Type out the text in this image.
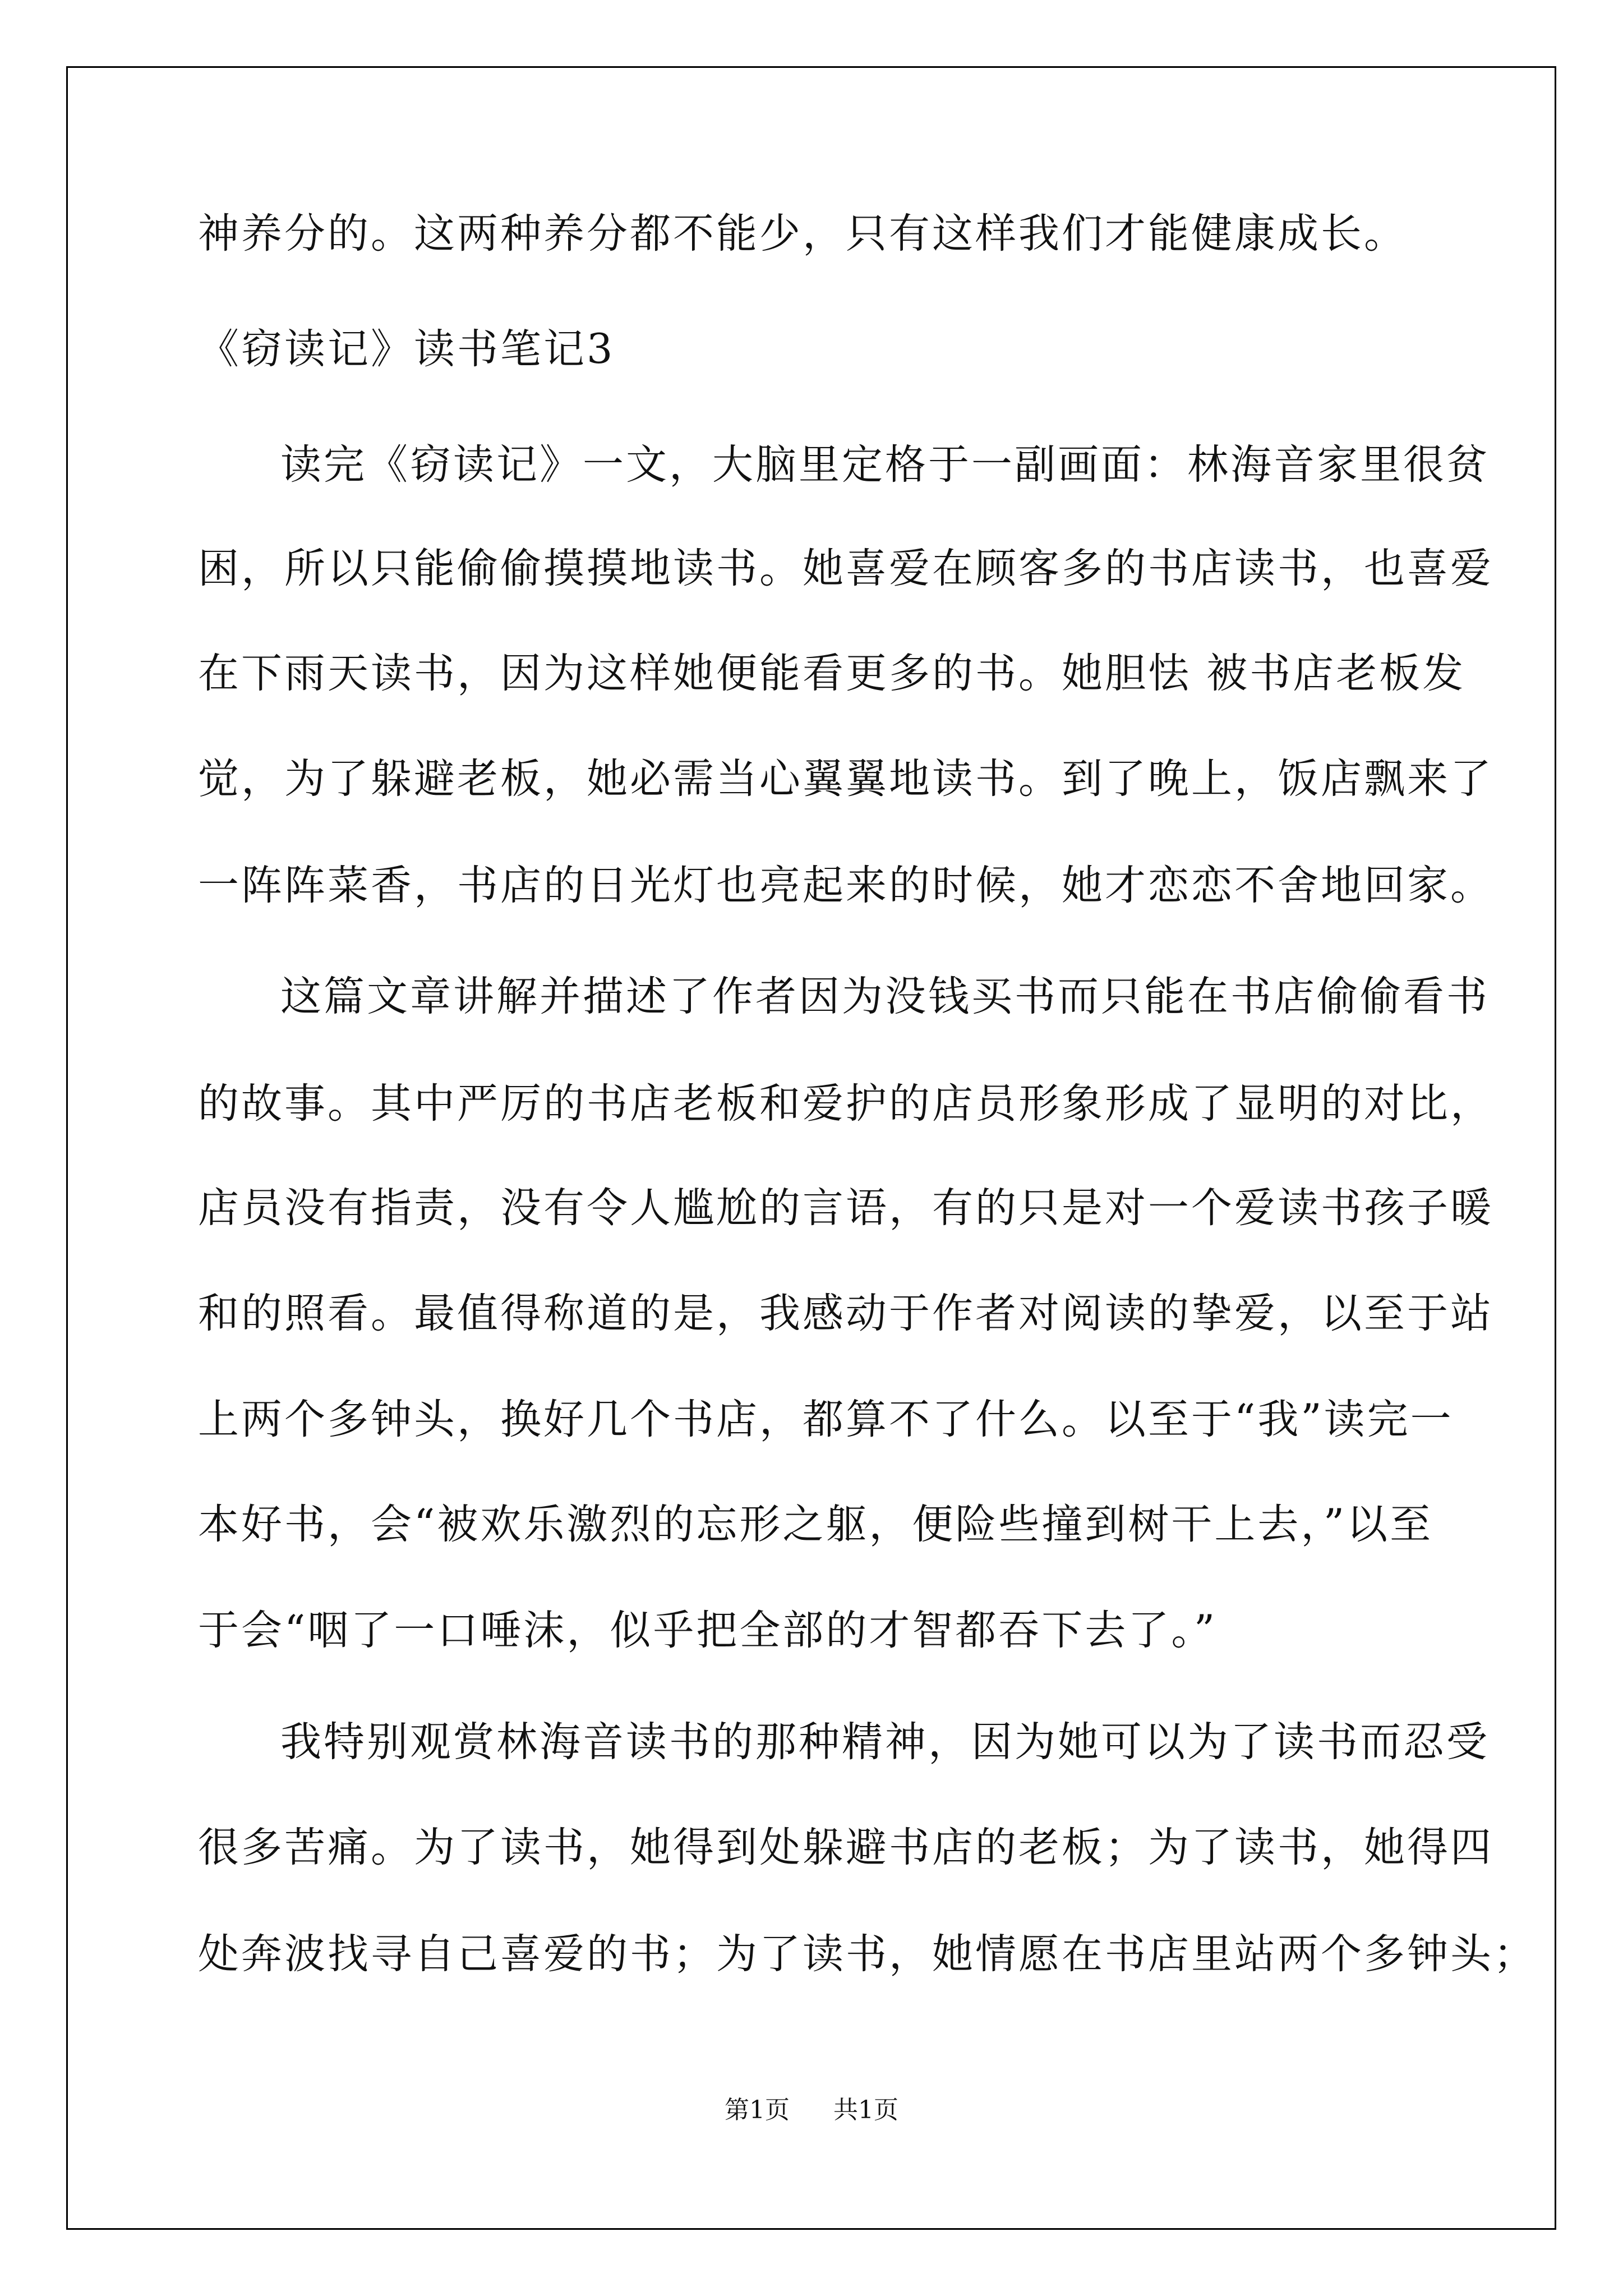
神养分的。这两种养分都不能少，只有这样我们才能健康成长。

《窃读记》读书笔记3

读完《窃读记》一文，大脑里定格于一副画面：林海音家里很贫

困，所以只能偷偷摸摸地读书。她喜爱在顾客多的书店读书，也喜爱

在下雨天读书，因为这样她便能看更多的书。她胆怯 被书店老板发

觉，为了躲避老板，她必需当心翼翼地读书。到了晚上，饭店飘来了

一阵阵菜香，书店的日光灯也亮起来的时候，她才恋恋不舍地回家。

这篇文章讲解并描述了作者因为没钱买书而只能在书店偷偷看书

的故事。其中严厉的书店老板和爱护的店员形象形成了显明的对比，

店员没有指责，没有令人尴尬的言语，有的只是对一个爱读书孩子暖

和的照看。最值得称道的是，我感动于作者对阅读的挚爱，以至于站

上两个多钟头，换好几个书店，都算不了什么。以至于“我”读完一

本好书，会“被欢乐激烈的忘形之躯，便险些撞到树干上去，”以至

于会“咽了一口唾沫，似乎把全部的才智都吞下去了。”

我特别观赏林海音读书的那种精神，因为她可以为了读书而忍受

很多苦痛。为了读书，她得到处躲避书店的老板；为了读书，她得四

处奔波找寻自己喜爱的书；为了读书，她情愿在书店里站两个多钟头；

第1页 共1页
